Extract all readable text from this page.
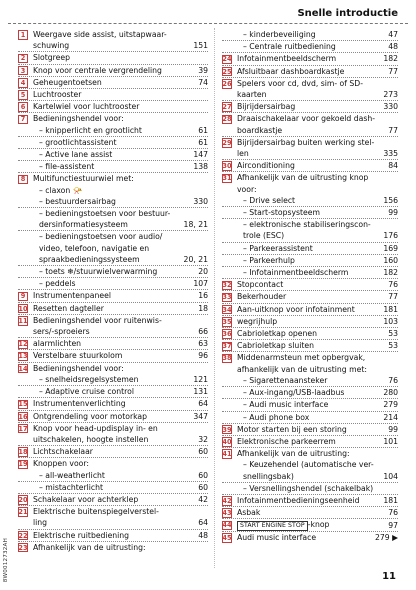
Snelle introductie
1	Weergave side assist, uitstapwaar-
schuwing	151
2	Slotgreep
3	Knop voor centrale vergrendeling	39
4	Geheugentoetsen	74
5	Luchtrooster
6	Kartelwiel voor luchtrooster
7	Bedieningshendel voor:
– knipperlicht en grootlicht	61
– grootlichtassistent	61
– Active lane assist	147
– file-assistent	138
8	Multifunctiestuurwiel met:
– claxon 📯
– bestuurdersairbag	330
– bedieningstoetsen voor bestuur-
dersinformatiesysteem	18, 21
– bedieningstoetsen voor audio/
video, telefoon, navigatie en
spraakbedieningssysteem	20, 21
– toets ❄/stuurwielverwarming	20
– peddels	107
9	Instrumentenpaneel	16
10 Resetten dagteller	18
11 Bedieningshendel voor ruitenwis-
sers/-sproeiers	66
12 alarmlichten	63
13 Verstelbare stuurkolom	96
14 Bedieningshendel voor:
– snelheidsregelsystemen	121
– Adaptive cruise control	131
15 Instrumentenverlichting	64
16 Ontgrendeling voor motorkap	347
17 Knop voor head-updisplay in- en
uitschakelen, hoogte instellen	32
18 Lichtschakelaar	60
19 Knoppen voor:
– all-weatherlicht	60
– mistachterlicht	60
20 Schakelaar voor achterklep	42
21 Elektrische buitenspiegelverstel-
ling	64
22 Elektrische ruitbediening	48
23 Afhankelijk van de uitrusting:
– kinderbeveiliging	47
– Centrale ruitbediening	48
24 Infotainmentbeeldscherm	182
25 Afsluitbaar dashboardkastje	77
26 Spelers voor cd, dvd, sim- of SD-
kaarten	273
27 Bijrijdersairbag	330
28 Draaischakelaar voor gekoeld dash-
boardkastje	77
29 Bijrijdersairbag buiten werking stel-
len	335
30 Airconditioning	84
31 Afhankelijk van de uitrusting knop
voor:
– Drive select	156
– Start-stopsysteem	99
– elektronische stabiliseringscon-
trole (ESC)	176
– Parkeerassistent	169
– Parkeerhulp	160
– Infotainmentbeeldscherm	182
32 Stopcontact	76
33 Bekerhouder	77
34 Aan-uitknop voor infotainment	181
35 wegrijhulp	103
36 Cabrioletkap openen	53
37 Cabrioletkap sluiten	53
38 Middenarmsteun met opbergvak,
afhankelijk van de uitrusting met:
– Sigarettenaansteker	76
– Aux-ingang/USB-laadbus	280
– Audi music interface	279
– Audi phone box	214
39 Motor starten bij een storing	99
40 Elektronische parkeerrem	101
41 Afhankelijk van de uitrusting:
– Keuzehendel (automatische ver-
snellingsbak)	104
– Versnellingshendel (schakelbak)
42 Infotainmentbedieningseenheid	181
43 Asbak	76
44	START ENGINE STOP -knop	97
45 Audi music interface	279 ▶
8W0012732AH	11
